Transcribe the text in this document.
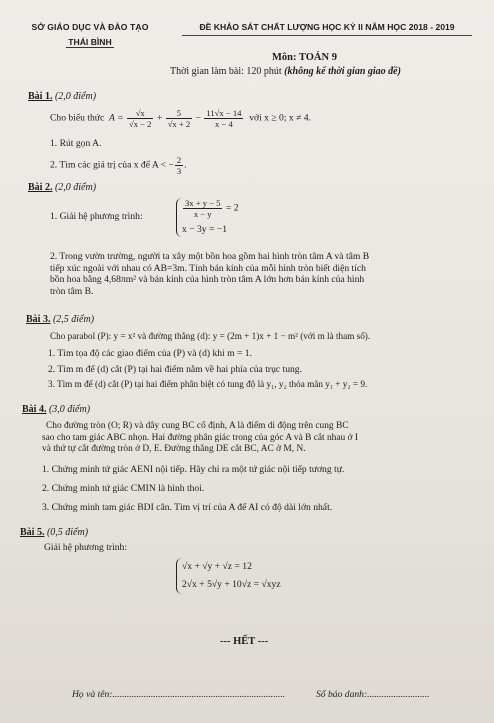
SỞ GIÁO DỤC VÀ ĐÀO TẠO
THÁI BÌNH
ĐỀ KHẢO SÁT CHẤT LƯỢNG HỌC KỲ II NĂM HỌC 2018 - 2019
Môn: TOÁN 9
Thời gian làm bài: 120 phút (không kể thời gian giao đề)
Bài 1. (2,0 điểm)
Cho biểu thức $A = \frac{√x}{√x - 2} + \frac{5}{√x + 2} - \frac{11√x - 14}{x - 4}$ với x ≥ 0; x ≠ 4.
1. Rút gọn A.
2. Tìm các giá trị của x để A < − $\frac{2}{3}$ .
Bài 2. (2,0 điểm)
1. Giải hệ phương trình:	$\frac{3x + y - 5}{x - y} = 2$
x − 3y = −1
2. Trong vườn trường, người ta xây một bồn hoa gồm hai hình tròn tâm A và tâm B
tiếp xúc ngoài với nhau có AB=3m. Tính bán kính của mỗi hình tròn biết diện tích
bồn hoa bằng 4,68πm² và bán kính của hình tròn tâm A lớn hơn bán kính của hình
tròn tâm B.
Bài 3. (2,5 điểm)
Cho parabol (P): y = x² và đường thẳng (d): y = (2m + 1)x + 1 − m² (với m là tham số).
1. Tìm tọa độ các giao điểm của (P) và (d) khi m = 1.
2. Tìm m để (d) cắt (P) tại hai điểm nằm về hai phía của trục tung.
3. Tìm m để (d) cắt (P) tại hai điểm phân biệt có tung độ là y₁, y₂ thỏa mãn y₁ + y₂ = 9.
Bài 4. (3,0 điểm)
Cho đường tròn (O; R) và dây cung BC cố định, A là điểm di động trên cung BC
sao cho tam giác ABC nhọn. Hai đường phân giác trong của góc A và B cắt nhau ở I
và thứ tự cắt đường tròn ở D, E. Đường thẳng DE cắt BC, AC ở M, N.
1. Chứng minh tứ giác AENI nội tiếp. Hãy chỉ ra một tứ giác nội tiếp tương tự.
2. Chứng minh tứ giác CMIN là hình thoi.
3. Chứng minh tam giác BDI cân. Tìm vị trí của A để AI có độ dài lớn nhất.
Bài 5. (0,5 điểm)
Giải hệ phương trình:
√x + √y + √z = 12
2√x + 5√y + 10√z = √xyz
--- HẾT ---
Họ và tên:........................................................................	Số báo danh:..........................
